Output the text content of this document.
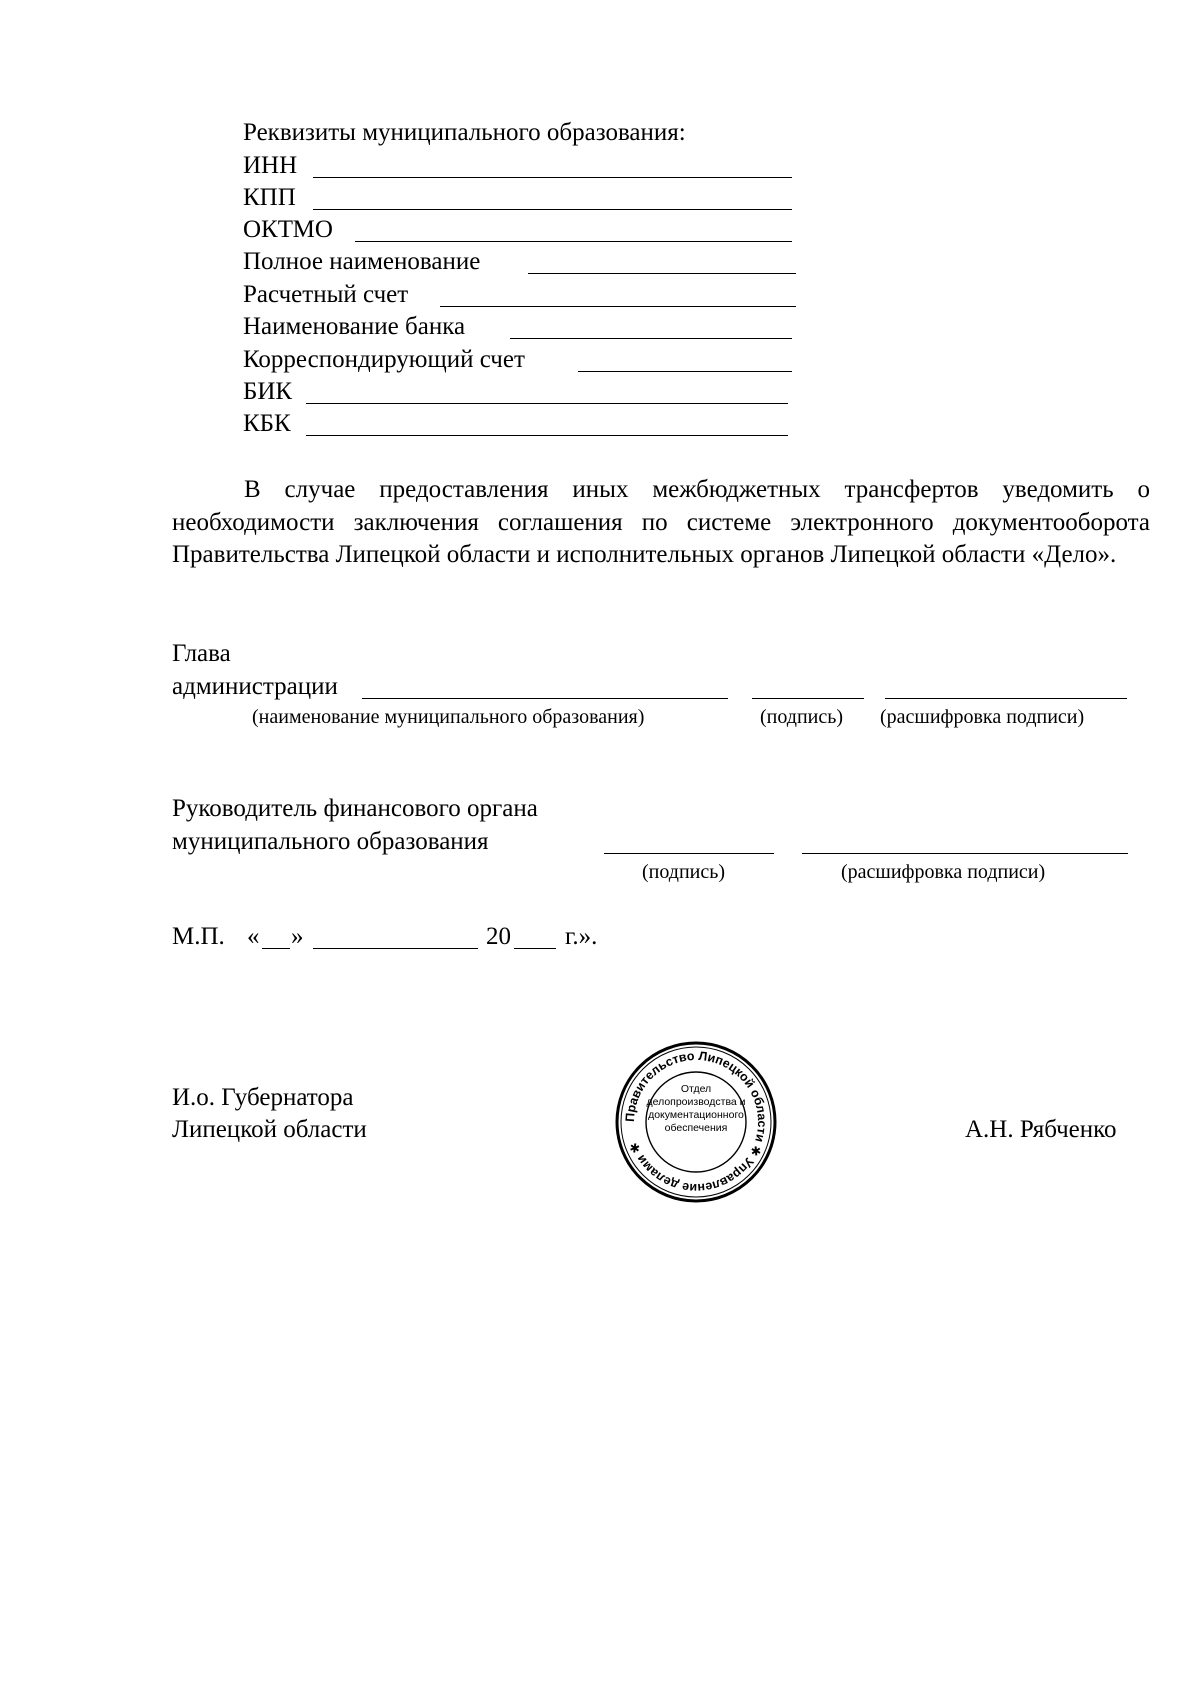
Реквизиты муниципального образования:
ИНН
КПП
ОКТМО
Полное наименование
Расчетный счет
Наименование банка
Корреспондирующий счет
БИК
КБК
В случае предоставления иных межбюджетных трансфертов уведомить о необходимости заключения соглашения по системе электронного документооборота Правительства Липецкой области и исполнительных органов Липецкой области «Дело».
Глава
администрации
(наименование муниципального образования)	(подпись) (расшифровка подписи)
Руководитель финансового органа
муниципального образования
(подпись)	(расшифровка подписи)
М.П. « »	20 г.».
И.о. Губернатора
Липецкой области	А.Н. Рябченко
Правительство Липецкой области ✱ Управление делами ✱
Отдел
делопроизводства и
документационного
обеспечения
